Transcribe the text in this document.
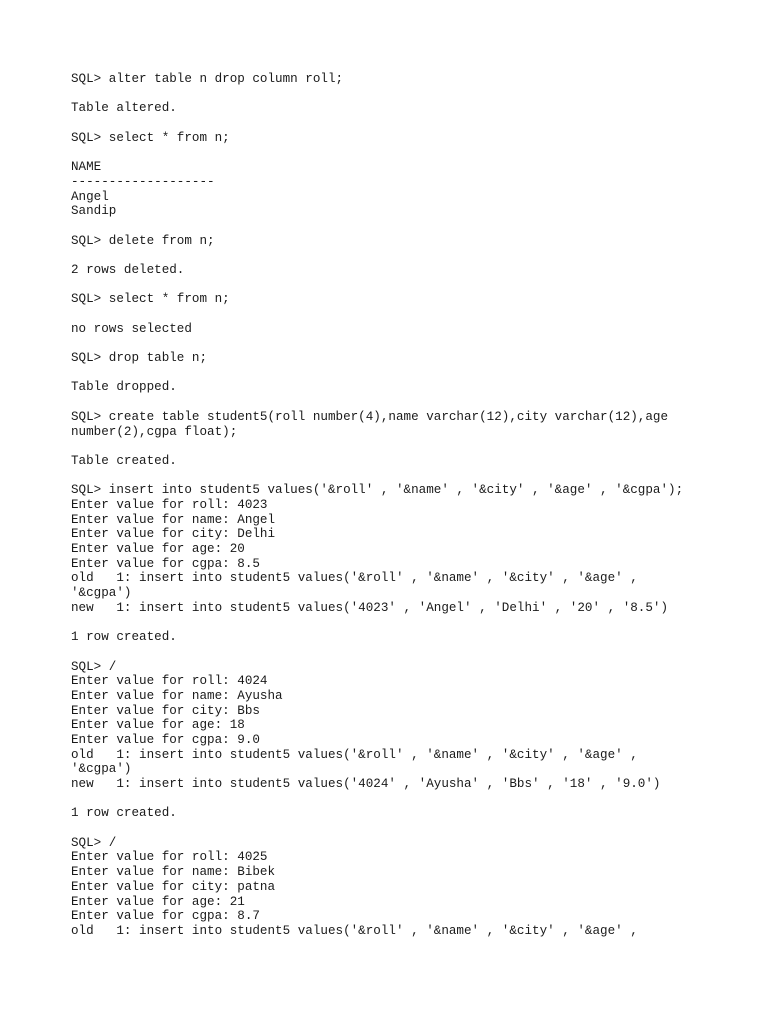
SQL> alter table n drop column roll;
Table altered.
SQL> select * from n;
NAME
-------------------
Angel
Sandip
SQL> delete from n;
2 rows deleted.
SQL> select * from n;
no rows selected
SQL> drop table n;
Table dropped.
SQL> create table student5(roll number(4),name varchar(12),city varchar(12),age
number(2),cgpa float);
Table created.
SQL> insert into student5 values('&roll' , '&name' , '&city' , '&age' , '&cgpa');
Enter value for roll: 4023
Enter value for name: Angel
Enter value for city: Delhi
Enter value for age: 20
Enter value for cgpa: 8.5
old   1: insert into student5 values('&roll' , '&name' , '&city' , '&age' ,
'&cgpa')
new   1: insert into student5 values('4023' , 'Angel' , 'Delhi' , '20' , '8.5')
1 row created.
SQL> /
Enter value for roll: 4024
Enter value for name: Ayusha
Enter value for city: Bbs
Enter value for age: 18
Enter value for cgpa: 9.0
old   1: insert into student5 values('&roll' , '&name' , '&city' , '&age' ,
'&cgpa')
new   1: insert into student5 values('4024' , 'Ayusha' , 'Bbs' , '18' , '9.0')
1 row created.
SQL> /
Enter value for roll: 4025
Enter value for name: Bibek
Enter value for city: patna
Enter value for age: 21
Enter value for cgpa: 8.7
old   1: insert into student5 values('&roll' , '&name' , '&city' , '&age' ,
